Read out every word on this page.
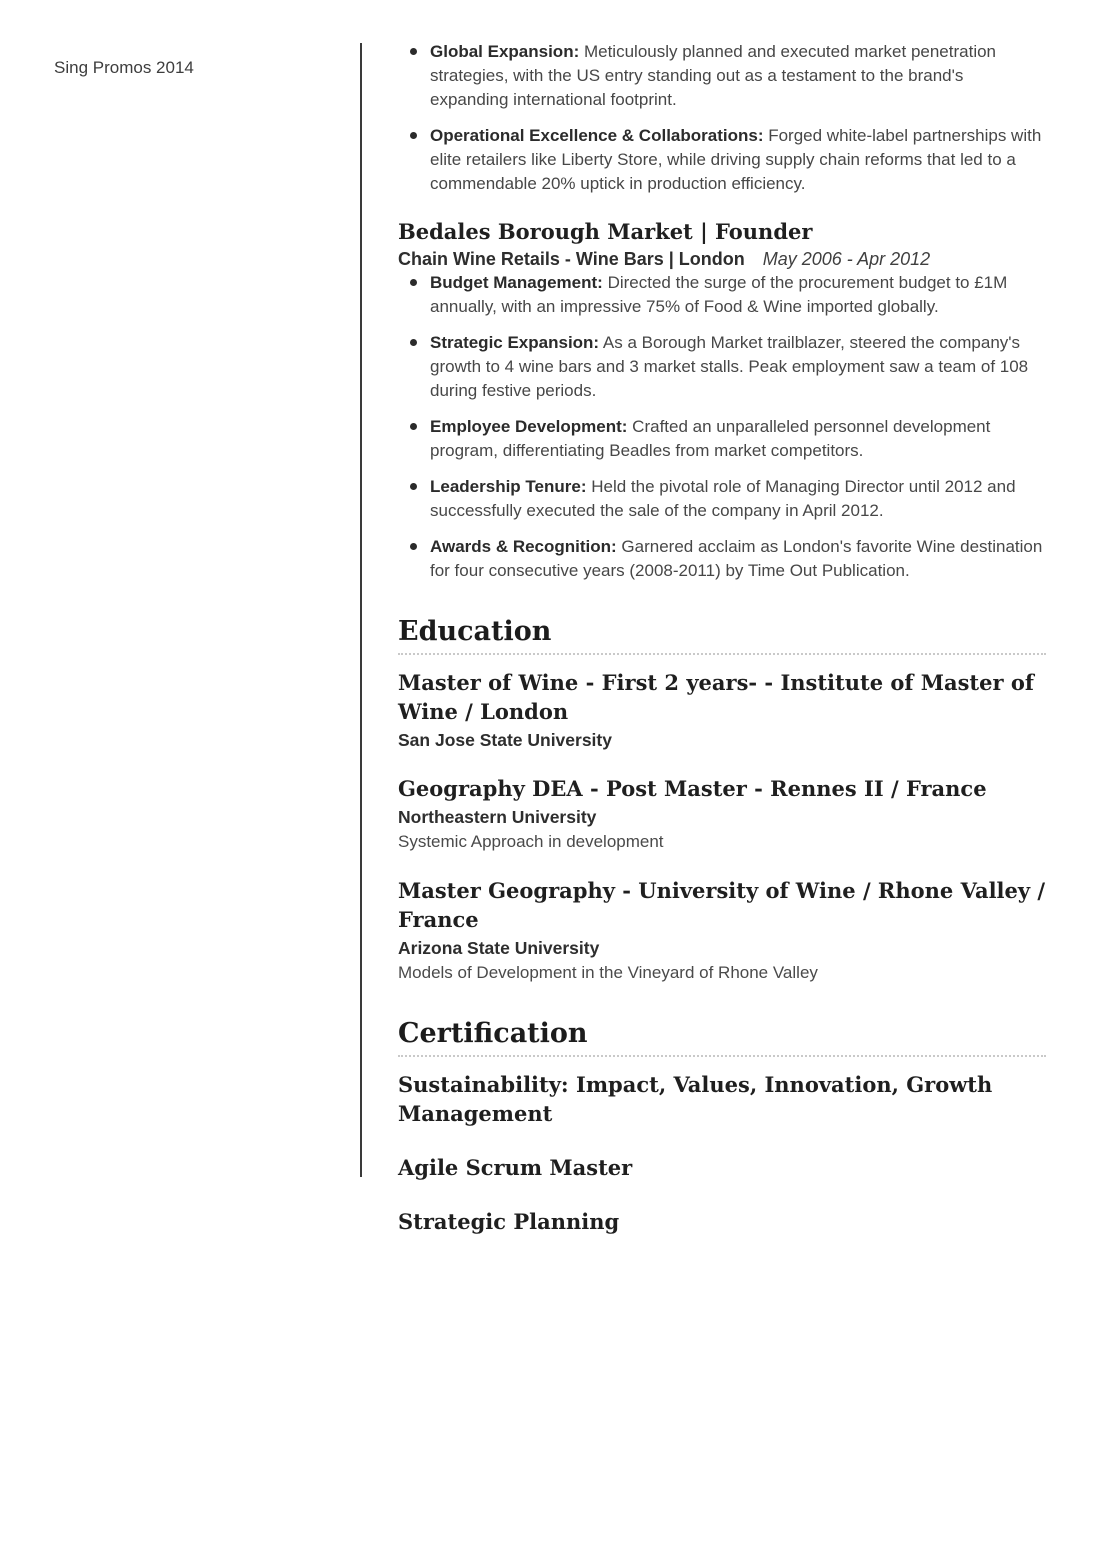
Sing Promos 2014
Global Expansion: Meticulously planned and executed market penetration strategies, with the US entry standing out as a testament to the brand's expanding international footprint.
Operational Excellence & Collaborations: Forged white-label partnerships with elite retailers like Liberty Store, while driving supply chain reforms that led to a commendable 20% uptick in production efficiency.
Bedales Borough Market | Founder
Chain Wine Retails - Wine Bars | London May 2006 - Apr 2012
Budget Management: Directed the surge of the procurement budget to £1M annually, with an impressive 75% of Food & Wine imported globally.
Strategic Expansion: As a Borough Market trailblazer, steered the company's growth to 4 wine bars and 3 market stalls. Peak employment saw a team of 108 during festive periods.
Employee Development: Crafted an unparalleled personnel development program, differentiating Beadles from market competitors.
Leadership Tenure: Held the pivotal role of Managing Director until 2012 and successfully executed the sale of the company in April 2012.
Awards & Recognition: Garnered acclaim as London's favorite Wine destination for four consecutive years (2008-2011) by Time Out Publication.
Education
Master of Wine - First 2 years- - Institute of Master of Wine / London
San Jose State University
Geography DEA - Post Master - Rennes II / France
Northeastern University
Systemic Approach in development
Master Geography - University of Wine / Rhone Valley / France
Arizona State University
Models of Development in the Vineyard of Rhone Valley
Certification
Sustainability: Impact, Values, Innovation, Growth Management
Agile Scrum Master
Strategic Planning
